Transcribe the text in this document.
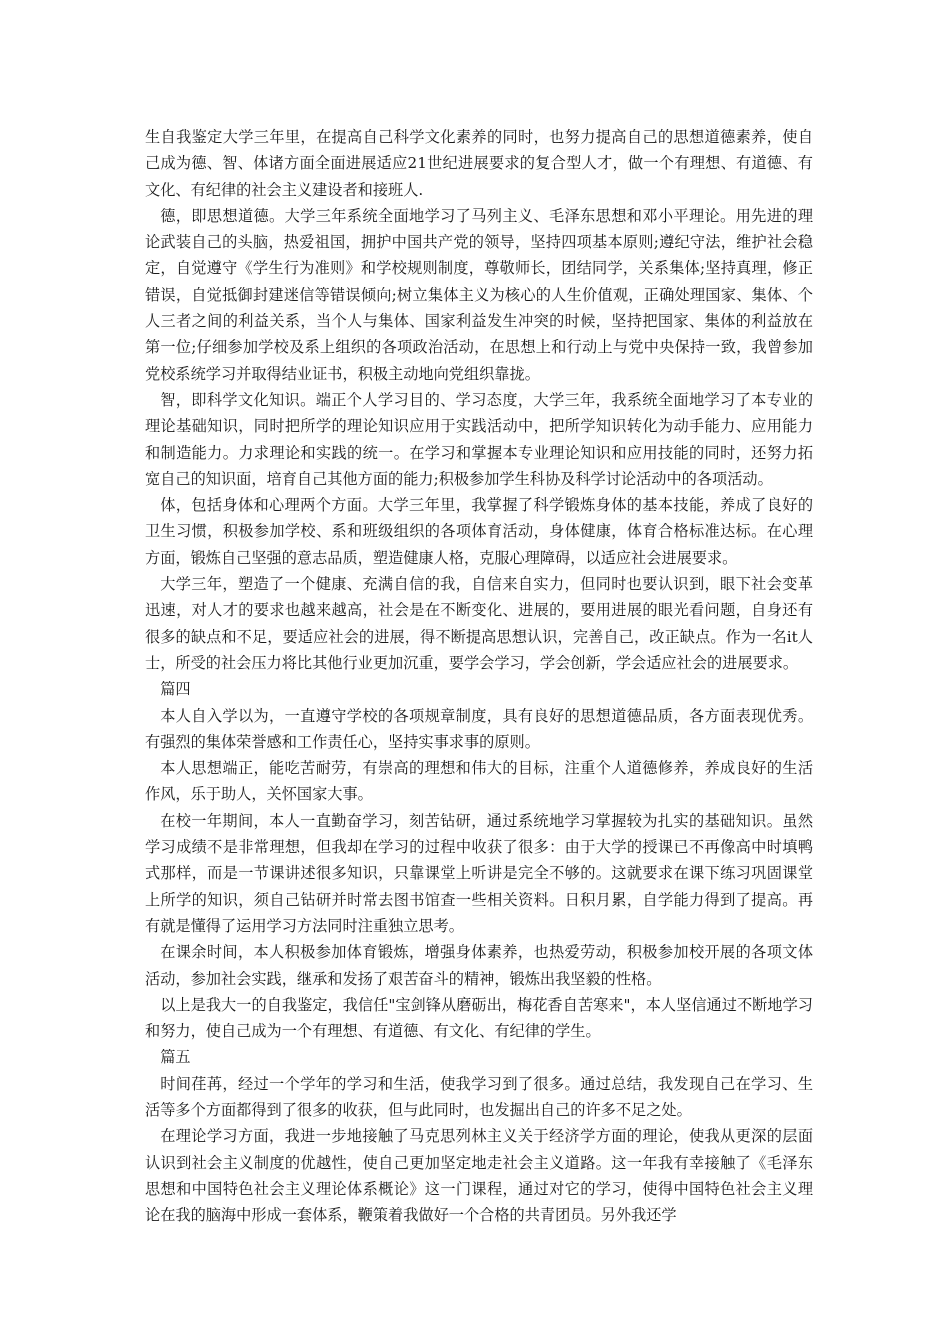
生自我鉴定大学三年里，在提高自己科学文化素养的同时，也努力提高自己的思想道德素养，使自己成为德、智、体诸方面全面进展适应21世纪进展要求的复合型人才，做一个有理想、有道德、有文化、有纪律的社会主义建设者和接班人.

德，即思想道德。大学三年系统全面地学习了马列主义、毛泽东思想和邓小平理论。用先进的理论武装自己的头脑，热爱祖国，拥护中国共产党的领导，坚持四项基本原则;遵纪守法，维护社会稳定，自觉遵守《学生行为准则》和学校规则制度，尊敬师长，团结同学，关系集体;坚持真理，修正错误，自觉抵御封建迷信等错误倾向;树立集体主义为核心的人生价值观，正确处理国家、集体、个人三者之间的利益关系，当个人与集体、国家利益发生冲突的时候，坚持把国家、集体的利益放在第一位;仔细参加学校及系上组织的各项政治活动，在思想上和行动上与党中央保持一致，我曾参加党校系统学习并取得结业证书，积极主动地向党组织靠拢。

智，即科学文化知识。端正个人学习目的、学习态度，大学三年，我系统全面地学习了本专业的理论基础知识，同时把所学的理论知识应用于实践活动中，把所学知识转化为动手能力、应用能力和制造能力。力求理论和实践的统一。在学习和掌握本专业理论知识和应用技能的同时，还努力拓宽自己的知识面，培育自己其他方面的能力;积极参加学生科协及科学讨论活动中的各项活动。

体，包括身体和心理两个方面。大学三年里，我掌握了科学锻炼身体的基本技能，养成了良好的卫生习惯，积极参加学校、系和班级组织的各项体育活动，身体健康，体育合格标准达标。在心理方面，锻炼自己坚强的意志品质，塑造健康人格，克服心理障碍，以适应社会进展要求。

大学三年，塑造了一个健康、充满自信的我，自信来自实力，但同时也要认识到，眼下社会变革迅速，对人才的要求也越来越高，社会是在不断变化、进展的，要用进展的眼光看问题，自身还有很多的缺点和不足，要适应社会的进展，得不断提高思想认识，完善自己，改正缺点。作为一名it人士，所受的社会压力将比其他行业更加沉重，要学会学习，学会创新，学会适应社会的进展要求。

篇四

本人自入学以为，一直遵守学校的各项规章制度，具有良好的思想道德品质，各方面表现优秀。有强烈的集体荣誉感和工作责任心，坚持实事求事的原则。

本人思想端正，能吃苦耐劳，有崇高的理想和伟大的目标，注重个人道德修养，养成良好的生活作风，乐于助人，关怀国家大事。

在校一年期间，本人一直勤奋学习，刻苦钻研，通过系统地学习掌握较为扎实的基础知识。虽然学习成绩不是非常理想，但我却在学习的过程中收获了很多：由于大学的授课已不再像高中时填鸭式那样，而是一节课讲述很多知识，只靠课堂上听讲是完全不够的。这就要求在课下练习巩固课堂上所学的知识，须自己钻研并时常去图书馆查一些相关资料。日积月累，自学能力得到了提高。再有就是懂得了运用学习方法同时注重独立思考。

在课余时间，本人积极参加体育锻炼，增强身体素养，也热爱劳动，积极参加校开展的各项文体活动，参加社会实践，继承和发扬了艰苦奋斗的精神，锻炼出我坚毅的性格。

以上是我大一的自我鉴定，我信任"宝剑锋从磨砺出，梅花香自苦寒来"，本人坚信通过不断地学习和努力，使自己成为一个有理想、有道德、有文化、有纪律的学生。

篇五

时间荏苒，经过一个学年的学习和生活，使我学习到了很多。通过总结，我发现自己在学习、生活等多个方面都得到了很多的收获，但与此同时，也发掘出自己的许多不足之处。

在理论学习方面，我进一步地接触了马克思列林主义关于经济学方面的理论，使我从更深的层面认识到社会主义制度的优越性，使自己更加坚定地走社会主义道路。这一年我有幸接触了《毛泽东思想和中国特色社会主义理论体系概论》这一门课程，通过对它的学习，使得中国特色社会主义理论在我的脑海中形成一套体系，鞭策着我做好一个合格的共青团员。另外我还学
